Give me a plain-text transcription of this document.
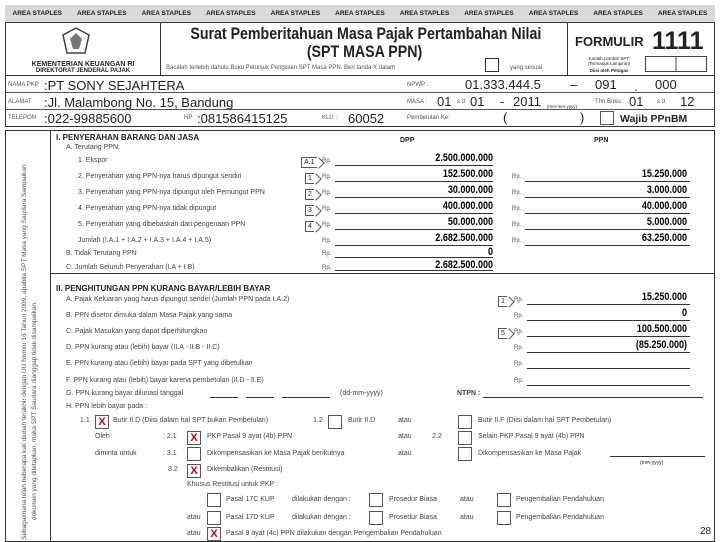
AREA STAPLES AREA STAPLES AREA STAPLES AREA STAPLES AREA STAPLES AREA STAPLES AREA STAPLES AREA STAPLES AREA STAPLES AREA STAPLES AREA STAPLES
KEMENTERIAN KEUANGAN RI
DIREKTORAT JENDERAL PAJAK
Surat Pemberitahuan Masa Pajak Pertambahan Nilai
(SPT MASA PPN)
Bacalah terlebih dahulu Buku Petunjuk Pengisian SPT Masa PPN. Beri tanda X dalam	yang sesuai
FORMULIR 1111
Jumlah Lembar SPT: (Termasuk Lampiran)
Diisi oleh Petugas
NAMA PKP :PT SONY SEJAHTERA	NPWP :	01.333.444.5 – 091 . 000
ALAMAT :Jl. Malambong No. 15, Bandung	MASA : 01 s.d 01 - 2011 (mm-mm-yyyy)
Thn Buku : 01 s.d 12
TELEPON :022-99885600	HP :081586415125	KLU : 60052	Pembetulan Ke:	(	)	Wajib PPnBM
Sebagaimana telah beberapa kali diubah terakhir dengan UU Nomor 16 Tahun 2009, apabila SPT Masa yang Saudara Sampaikan dokumen yang ditetapkan, maka SPT Saudara dianggap tidak disampaikan.
I. PENYERAHAN BARANG DAN JASA	DPP	PPN
A. Terutang PPN:
1. Ekspor	A.1	Rp.	2.500.000.000
2. Penyerahan yang PPN-nya harus dipungut sendiri	1	Rp.	152.500.000	Rp.	15.250.000
3. Penyerahan yang PPN-nya dipungut oleh Pemungut PPN	2	Rp.	30.000.000	Rp.	3.000.000
4. Penyerahan yang PPN-nya tidak dipungut	3	Rp.	400.000.000	Rp.	40.000.000
5. Penyerahan yang dibebaskan dari pengenaan PPN	4	Rp.	50.000.000	Rp.	5.000.000
Jumlah (I.A.1 + I.A.2 + I.A.3 + I.A.4 + I.A.5)	Rp.	2.682.500.000	Rp.	63.250.000
B. Tidak Terutang PPN	Rp.	0
C. Jumlah Seluruh Penyerahan (I.A + I.B)	Rp.	2.682.500.000
II. PENGHITUNGAN PPN KURANG BAYAR/LEBIH BAYAR
A. Pajak Keluaran yang harus dipungut sendiri (Jumlah PPN pada I.A.2)	1	Rp.	15.250.000
B. PPN disetor dimuka dalam Masa Pajak yang sama	Rp.	0
C. Pajak Masukan yang dapat diperhitungkan	5	Rp.	100.500.000
D. PPN kurang atau (lebih) bayar (II.A - II.B - II.C)	Rp.	(85.250.000)
E. PPN kurang atau (lebih) bayar pada SPT yang dibetulkan	Rp.
F. PPN kurang atau (lebih) bayar karena pembetulan (II.D - II.E)	Rp.
G. PPN kurang bayar dilunasi tanggal	(dd-mm-yyyy)	NTPN :
H. PPN lebih bayar pada :
1.1 X	Butir II.D (Diisi dalam hal SPT bukan Pembetulan)	1.2	Butir II.D	atau	Butir II.F (Diisi dalam hal SPT Pembetulan)
Oleh	: 2.1	X	PKP Pasal 9 ayat (4b) PPN	atau	2.2	Selain PKP Pasal 9 ayat (4b) PPN
diminta untuk	: 3.1	Dikompensasikan ke Masa Pajak berikutnya	atau	Dikompensasikan ke Masa Pajak
(mm-yyyy)
3.2	X	Dikembalikan (Restitusi)
Khusus Restitusi untuk PKP :
Pasal 17C KUP dilakukan dengan :	Prosedur Biasa	atau	Pengembalian Pendahuluan
atau	Pasal 17D KUP dilakukan dengan :	Prosedur Biasa	atau	Pengembalian Pendahuluan
atau X	Pasal 9 ayat (4c) PPN dilakukan dengan Pengembalian Pendahuluan	28
